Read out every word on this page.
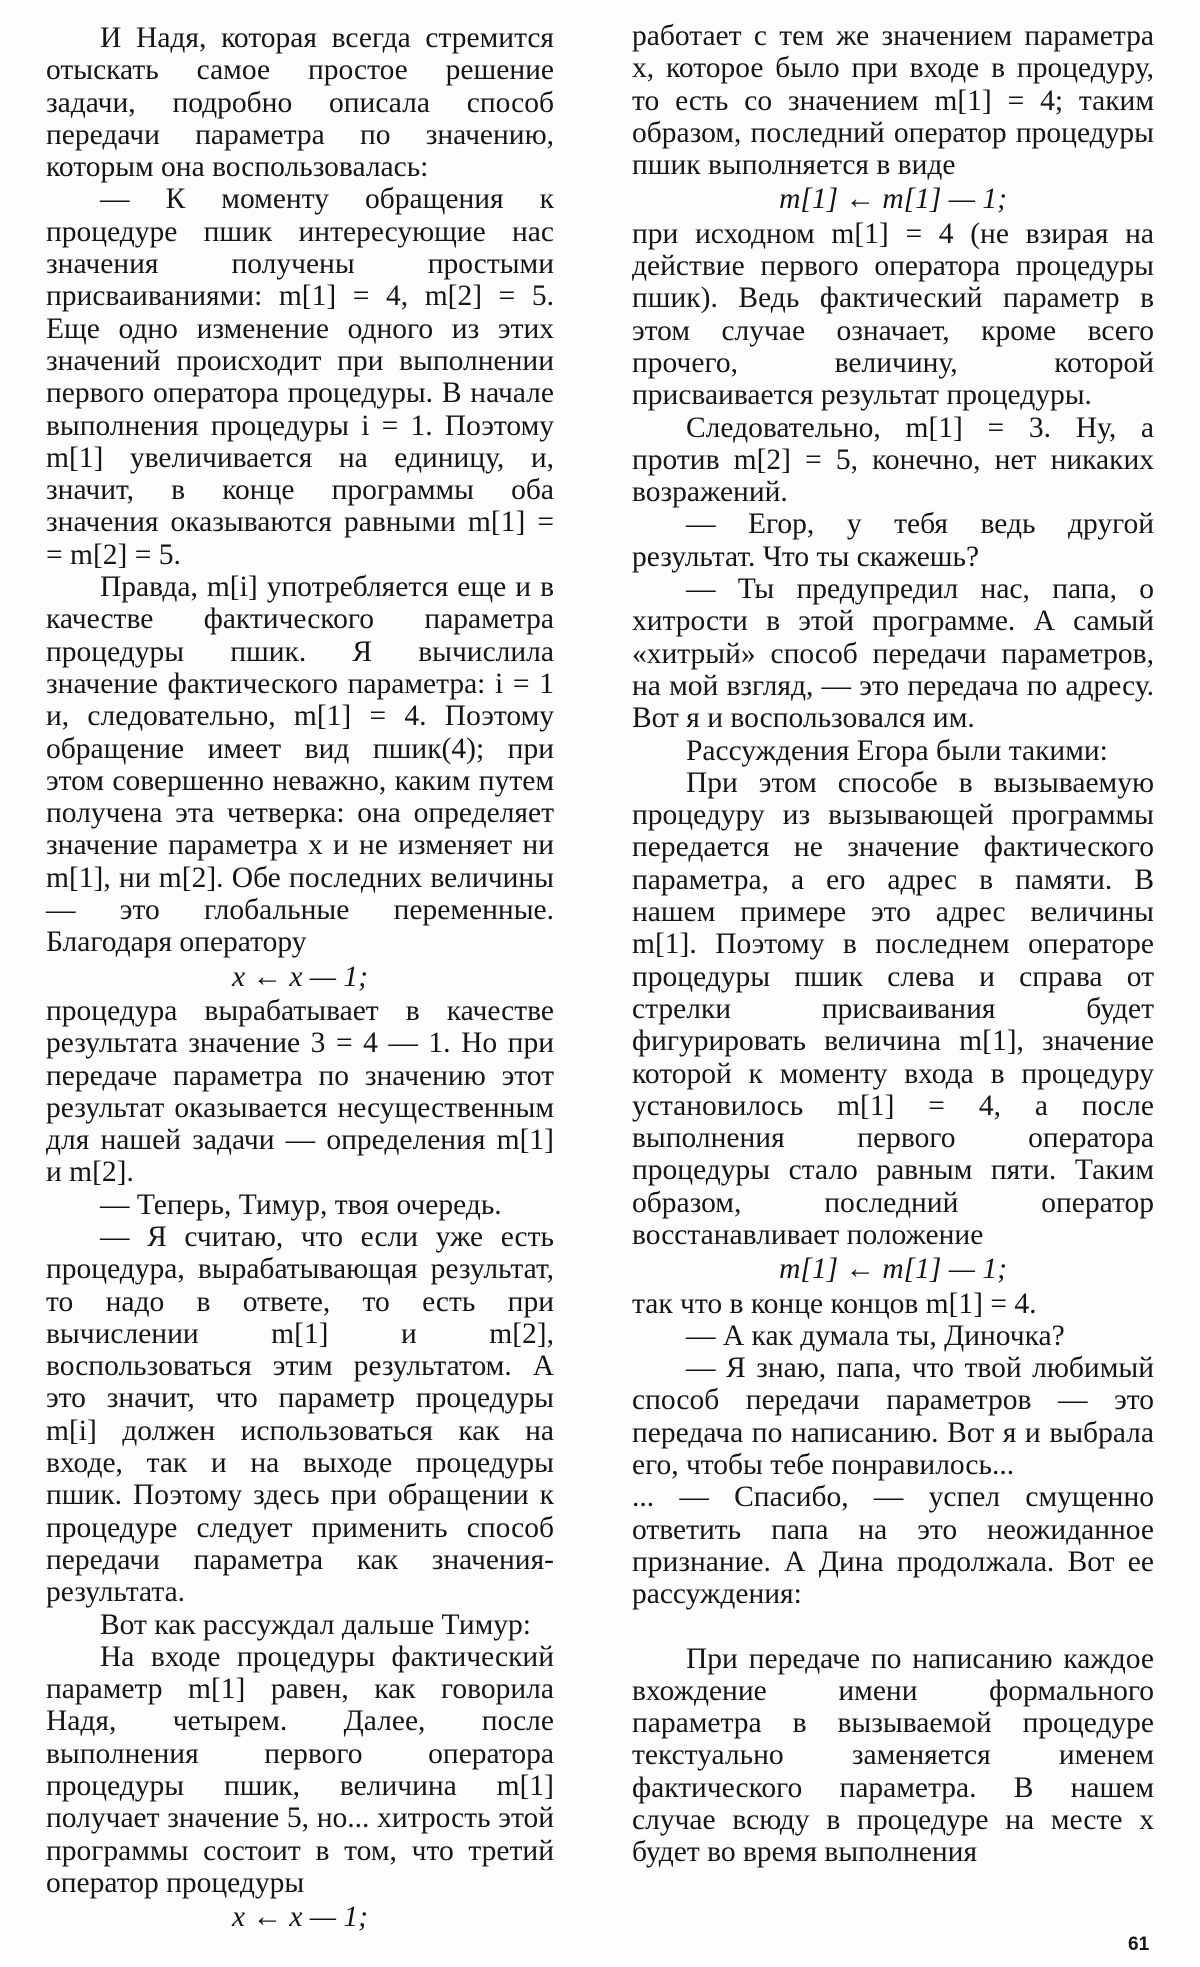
И Надя, которая всегда стремится отыскать самое простое решение задачи, подробно описала способ передачи параметра по значению, которым она воспользовалась:

— К моменту обращения к процедуре пшик интересующие нас значения получены простыми присваиваниями: m[1] = 4, m[2] = 5. Еще одно изменение одного из этих значений происходит при выполнении первого оператора процедуры. В начале выполнения процедуры i = 1. Поэтому m[1] увеличивается на единицу, и, значит, в конце программы оба значения оказываются равными m[1] = = m[2] = 5.

Правда, m[i] употребляется еще и в качестве фактического параметра процедуры пшик. Я вычислила значение фактического параметра: i = 1 и, следовательно, m[1] = 4. Поэтому обращение имеет вид пшик(4); при этом совершенно неважно, каким путем получена эта четверка: она определяет значение параметра x и не изменяет ни m[1], ни m[2]. Обе последних величины — это глобальные переменные. Благодаря оператору

x ← x — 1;

процедура вырабатывает в качестве результата значение 3 = 4 — 1. Но при передаче параметра по значению этот результат оказывается несущественным для нашей задачи — определения m[1] и m[2].

— Теперь, Тимур, твоя очередь.

— Я считаю, что если уже есть процедура, вырабатывающая результат, то надо в ответе, то есть при вычислении m[1] и m[2], воспользоваться этим результатом. А это значит, что параметр процедуры m[i] должен использоваться как на входе, так и на выходе процедуры пшик. Поэтому здесь при обращении к процедуре следует применить способ передачи параметра как значения-результата.

Вот как рассуждал дальше Тимур:

На входе процедуры фактический параметр m[1] равен, как говорила Надя, четырем. Далее, после выполнения первого оператора процедуры пшик, величина m[1] получает значение 5, но... хитрость этой программы состоит в том, что третий оператор процедуры

x ← x — 1;

работает с тем же значением параметра x, которое было при входе в процедуру, то есть со значением m[1] = 4; таким образом, последний оператор процедуры пшик выполняется в виде

m[1] ← m[1] — 1;

при исходном m[1] = 4 (не взирая на действие первого оператора процедуры пшик). Ведь фактический параметр в этом случае означает, кроме всего прочего, величину, которой присваивается результат процедуры.

Следовательно, m[1] = 3. Ну, а против m[2] = 5, конечно, нет никаких возражений.

— Егор, у тебя ведь другой результат. Что ты скажешь?

— Ты предупредил нас, папа, о хитрости в этой программе. А самый «хитрый» способ передачи параметров, на мой взгляд, — это передача по адресу. Вот я и воспользовался им.

Рассуждения Егора были такими:

При этом способе в вызываемую процедуру из вызывающей программы передается не значение фактического параметра, а его адрес в памяти. В нашем примере это адрес величины m[1]. Поэтому в последнем операторе процедуры пшик слева и справа от стрелки присваивания будет фигурировать величина m[1], значение которой к моменту входа в процедуру установилось m[1] = 4, а после выполнения первого оператора процедуры стало равным пяти. Таким образом, последний оператор восстанавливает положение

m[1] ← m[1] — 1;

так что в конце концов m[1] = 4.

— А как думала ты, Диночка?

— Я знаю, папа, что твой любимый способ передачи параметров — это передача по написанию. Вот я и выбрала его, чтобы тебе понравилось...

... — Спасибо, — успел смущенно ответить папа на это неожиданное признание. А Дина продолжала. Вот ее рассуждения:

При передаче по написанию каждое вхождение имени формального параметра в вызываемой процедуре текстуально заменяется именем фактического параметра. В нашем случае всюду в процедуре на месте x будет во время выполнения

61
